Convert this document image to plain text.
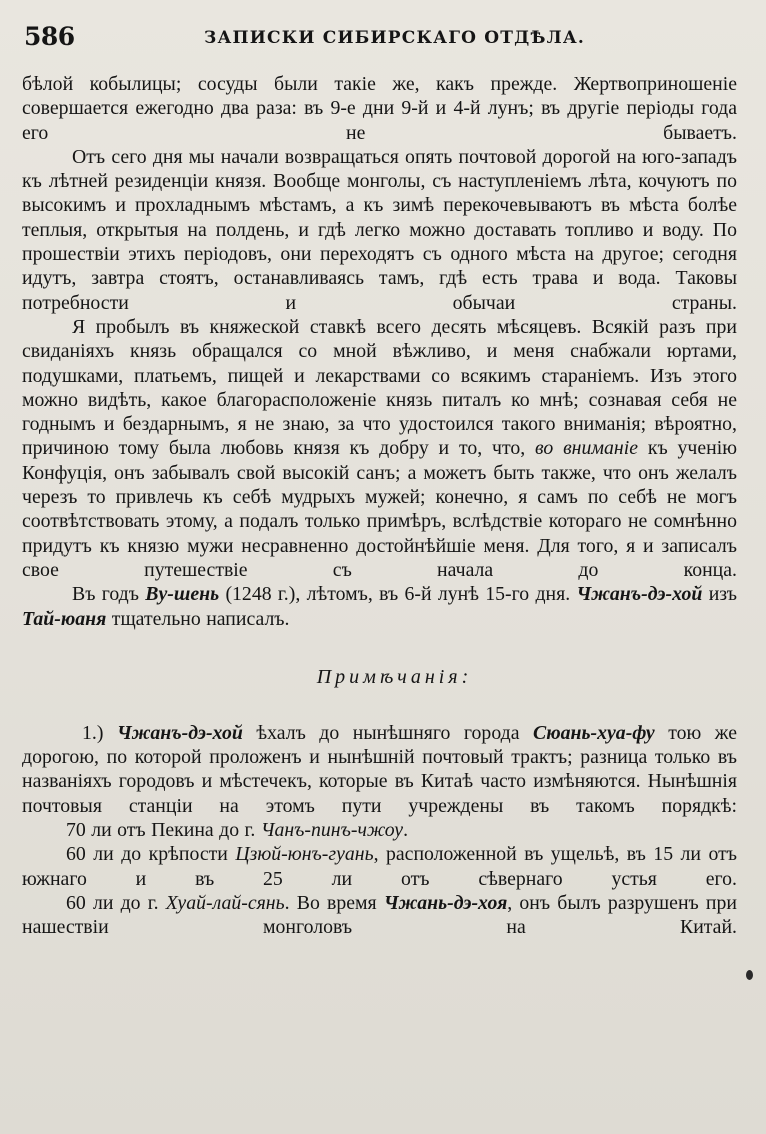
586	ЗАПИСКИ СИБИРСКАГО ОТДѢЛА.

бѣлой кобылицы; сосуды были такіе же, какъ прежде. Жертвоприношеніе совершается ежегодно два раза: въ 9-е дни 9-й и 4-й лунъ; въ другіе періоды года его не бываетъ.

Отъ сего дня мы начали возвращаться опять почтовой дорогой на юго-западъ къ лѣтней резиденціи князя. Вообще монголы, съ наступленіемъ лѣта, кочуютъ по высокимъ и прохладнымъ мѣстамъ, а къ зимѣ перекочевываютъ въ мѣста болѣе теплыя, открытыя на полдень, и гдѣ легко можно доставать топливо и воду. По прошествіи этихъ періодовъ, они переходятъ съ одного мѣста на другое; сегодня идутъ, завтра стоятъ, останавливаясь тамъ, гдѣ есть трава и вода. Таковы потребности и обычаи страны.

Я пробылъ въ княжеской ставкѣ всего десять мѣсяцевъ. Всякій разъ при свиданіяхъ князь обращался со мной вѣжливо, и меня снабжали юртами, подушками, платьемъ, пищей и лекарствами со всякимъ стараніемъ. Изъ этого можно видѣть, какое благорасположеніе князь питалъ ко мнѣ; сознавая себя не годнымъ и бездарнымъ, я не знаю, за что удостоился такого вниманія; вѣроятно, причиною тому была любовь князя къ добру и то, что, во вниманіе къ ученію Конфуція, онъ забывалъ свой высокій санъ; а можетъ быть также, что онъ желалъ черезъ то привлечь къ себѣ мудрыхъ мужей; конечно, я самъ по себѣ не могъ соотвѣтствовать этому, а подалъ только примѣръ, вслѣдствіе котораго не сомнѣнно придутъ къ князю мужи несравненно достойнѣйшіе меня. Для того, я и записалъ свое путешествіе съ начала до конца.

Въ годъ Ву-шень (1248 г.), лѣтомъ, въ 6-й лунѣ 15-го дня. Чжанъ-дэ-хой изъ Тай-юаня тщательно написалъ.

Примѣчанія:

1.) Чжанъ-дэ-хой ѣхалъ до нынѣшняго города Сюань-хуа-фу тою же дорогою, по которой проложенъ и нынѣшній почтовый трактъ; разница только въ названіяхъ городовъ и мѣстечекъ, которые въ Китаѣ часто измѣняются. Нынѣшнія почтовыя станціи на этомъ пути учреждены въ такомъ порядкѣ:

70 ли отъ Пекина до г. Чанъ-пинъ-чжоу.

60 ли до крѣпости Цзюй-юнъ-гуань, расположенной въ ущельѣ, въ 15 ли отъ южнаго и въ 25 ли отъ сѣвернаго устья его.

60 ли до г. Хуай-лай-сянь. Во время Чжань-дэ-хоя, онъ былъ разрушенъ при нашествіи монголовъ на Китай.
